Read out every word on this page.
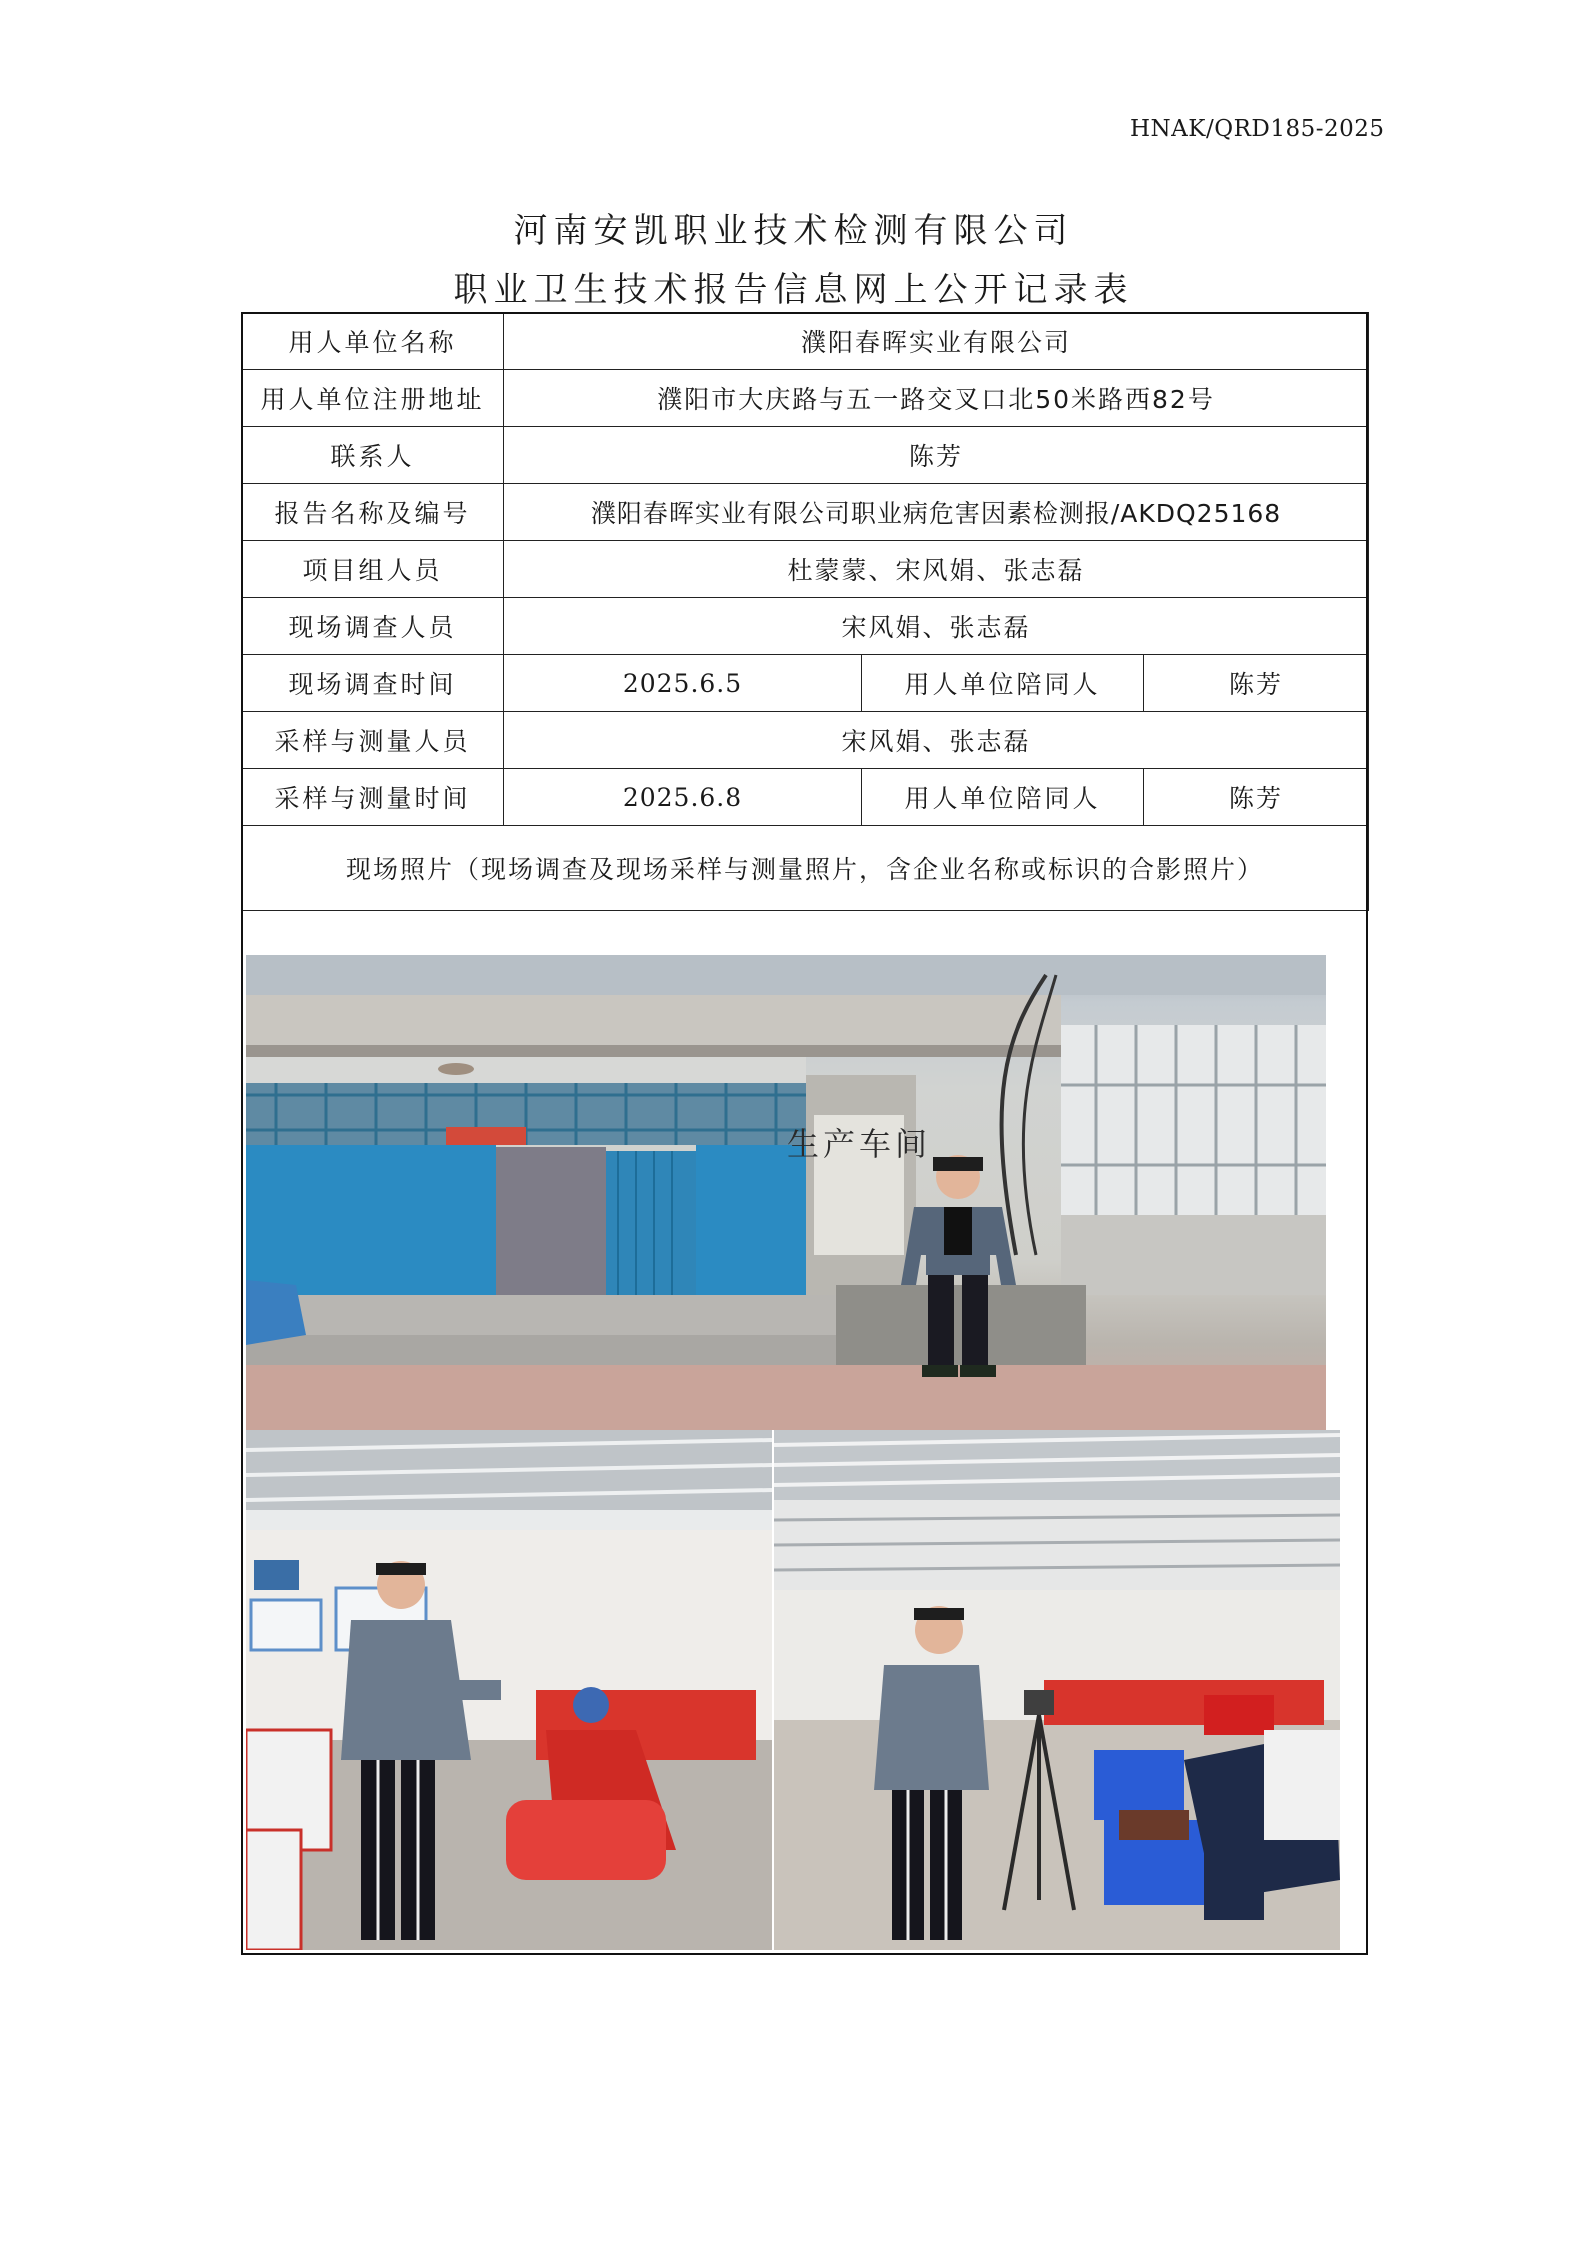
HNAK/QRD185-2025
河南安凯职业技术检测有限公司
职业卫生技术报告信息网上公开记录表
用人单位名称	濮阳春晖实业有限公司		
用人单位注册地址	濮阳市大庆路与五一路交叉口北50米路西82号		
联系人	陈芳		
报告名称及编号	濮阳春晖实业有限公司职业病危害因素检测报/AKDQ25168		
项目组人员	杜蒙蒙、宋风娟、张志磊		
现场调查人员	宋风娟、张志磊		
现场调查时间	2025.6.5	用人单位陪同人	陈芳
采样与测量人员	宋风娟、张志磊		
采样与测量时间	2025.6.8	用人单位陪同人	陈芳
现场照片（现场调查及现场采样与测量照片，含企业名称或标识的合影照片）			
生产车间
